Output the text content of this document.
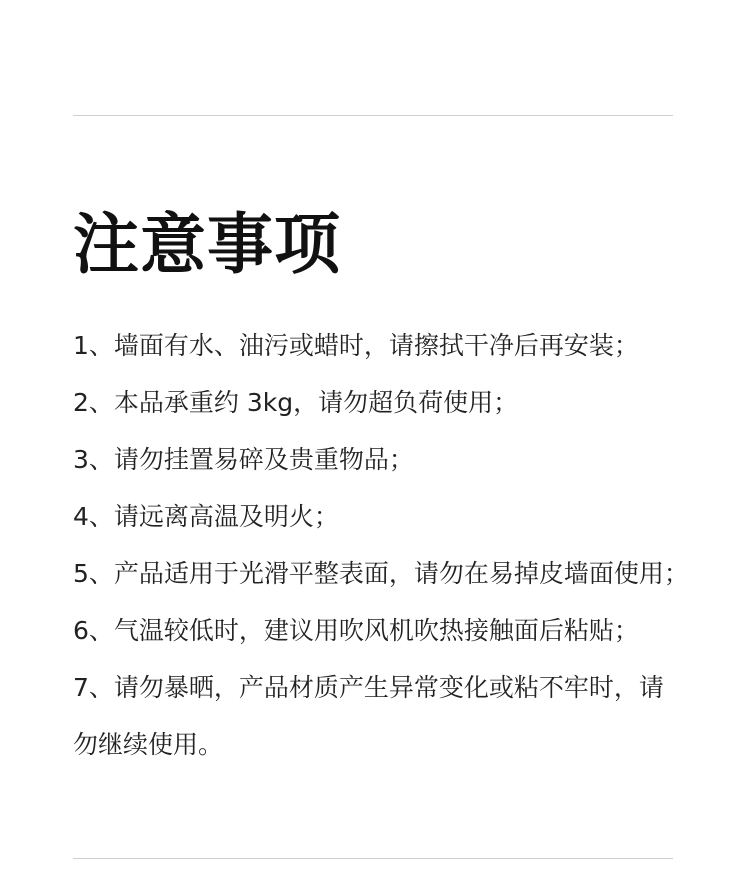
注意事项
1、墙面有水、油污或蜡时，请擦拭干净后再安装；
2、本品承重约 3kg，请勿超负荷使用；
3、请勿挂置易碎及贵重物品；
4、请远离高温及明火；
5、产品适用于光滑平整表面，请勿在易掉皮墙面使用；
6、气温较低时，建议用吹风机吹热接触面后粘贴；
7、请勿暴晒，产品材质产生异常变化或粘不牢时，请勿继续使用。
